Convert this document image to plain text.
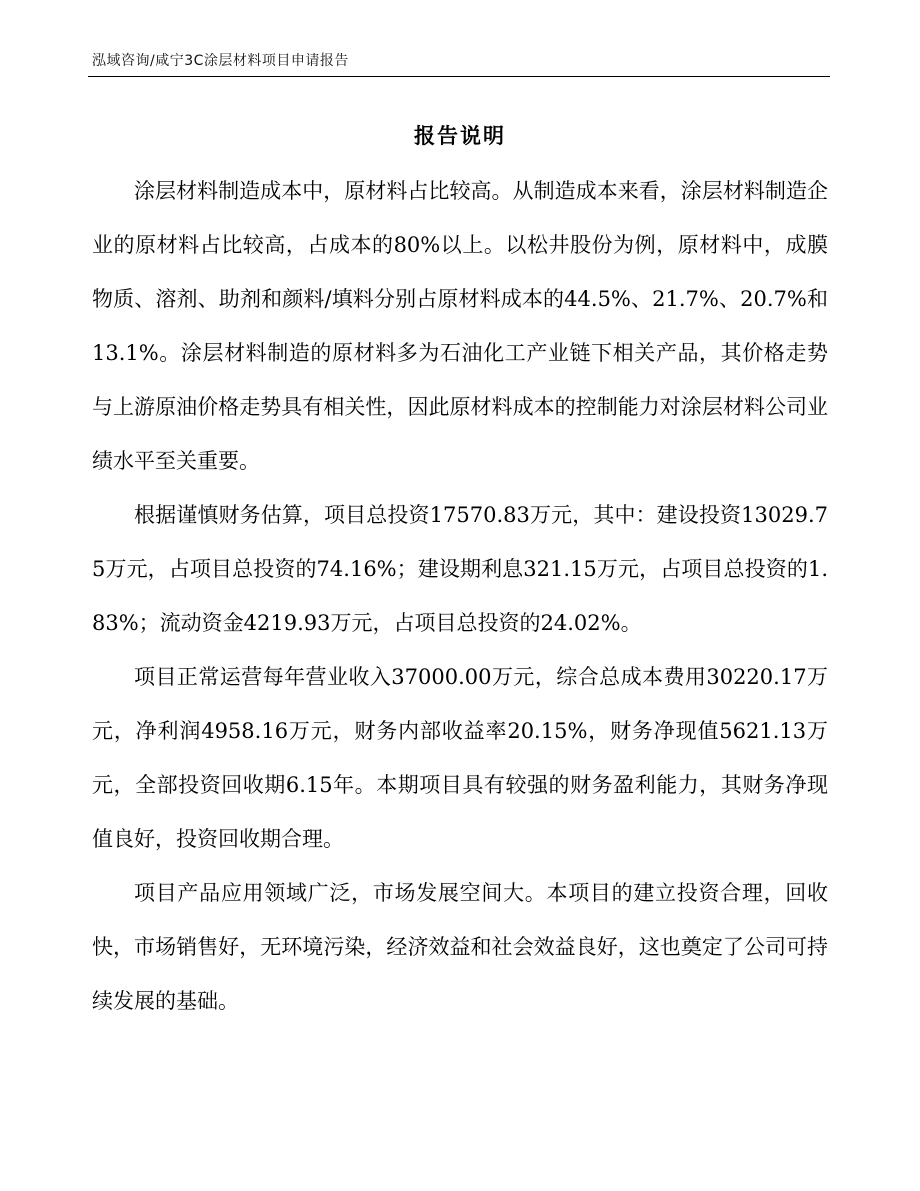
泓域咨询/咸宁3C涂层材料项目申请报告
报告说明

涂层材料制造成本中，原材料占比较高。从制造成本来看，涂层材料制造企业的原材料占比较高，占成本的80%以上。以松井股份为例，原材料中，成膜物质、溶剂、助剂和颜料/填料分别占原材料成本的44.5%、21.7%、20.7%和13.1%。涂层材料制造的原材料多为石油化工产业链下相关产品，其价格走势与上游原油价格走势具有相关性，因此原材料成本的控制能力对涂层材料公司业绩水平至关重要。

根据谨慎财务估算，项目总投资17570.83万元，其中：建设投资13029.75万元，占项目总投资的74.16%；建设期利息321.15万元，占项目总投资的1.83%；流动资金4219.93万元，占项目总投资的24.02%。

项目正常运营每年营业收入37000.00万元，综合总成本费用30220.17万元，净利润4958.16万元，财务内部收益率20.15%，财务净现值5621.13万元，全部投资回收期6.15年。本期项目具有较强的财务盈利能力，其财务净现值良好，投资回收期合理。

项目产品应用领域广泛，市场发展空间大。本项目的建立投资合理，回收快，市场销售好，无环境污染，经济效益和社会效益良好，这也奠定了公司可持续发展的基础。
